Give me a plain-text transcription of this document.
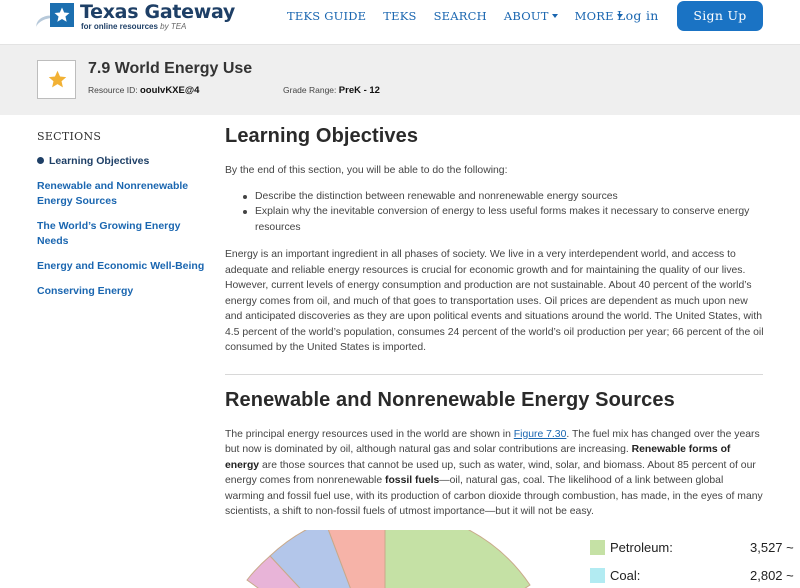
Texas Gateway
for online resources by TEA
TEKS GUIDE TEKS SEARCH ABOUT	MORE Log in	Sign Up
7.9 World Energy Use
Resource ID: ooulvKXE@4	Grade Range: PreK - 12
SECTIONS
Learning Objectives
Renewable and Nonrenewable Energy Sources
The World’s Growing Energy Needs
Energy and Economic Well-Being
Conserving Energy
Learning Objectives

By the end of this section, you will be able to do the following:

Describe the distinction between renewable and nonrenewable energy sources
Explain why the inevitable conversion of energy to less useful forms makes it necessary to conserve energy resources

Energy is an important ingredient in all phases of society. We live in a very interdependent world, and access to adequate and reliable energy resources is crucial for economic growth and for maintaining the quality of our lives. However, current levels of energy consumption and production are not sustainable. About 40 percent of the world’s energy comes from oil, and much of that goes to transportation uses. Oil prices are dependent as much upon new and anticipated discoveries as they are upon political events and situations around the world. The United States, with 4.5 percent of the world’s population, consumes 24 percent of the world’s oil production per year; 66 percent of the oil consumed by the United States is imported.

Renewable and Nonrenewable Energy Sources

The principal energy resources used in the world are shown in Figure 7.30. The fuel mix has changed over the years but now is dominated by oil, although natural gas and solar contributions are increasing. Renewable forms of energy are those sources that cannot be used up, such as water, wind, solar, and biomass. About 85 percent of our energy comes from nonrenewable fossil fuels—oil, natural gas, coal. The likelihood of a link between global warming and fossil fuel use, with its production of carbon dioxide through combustion, has made, in the eyes of many scientists, a shift to non-fossil fuels of utmost importance—but it will not be easy.

Petroleum:	3,527 ~
Coal:	2,802 ~
